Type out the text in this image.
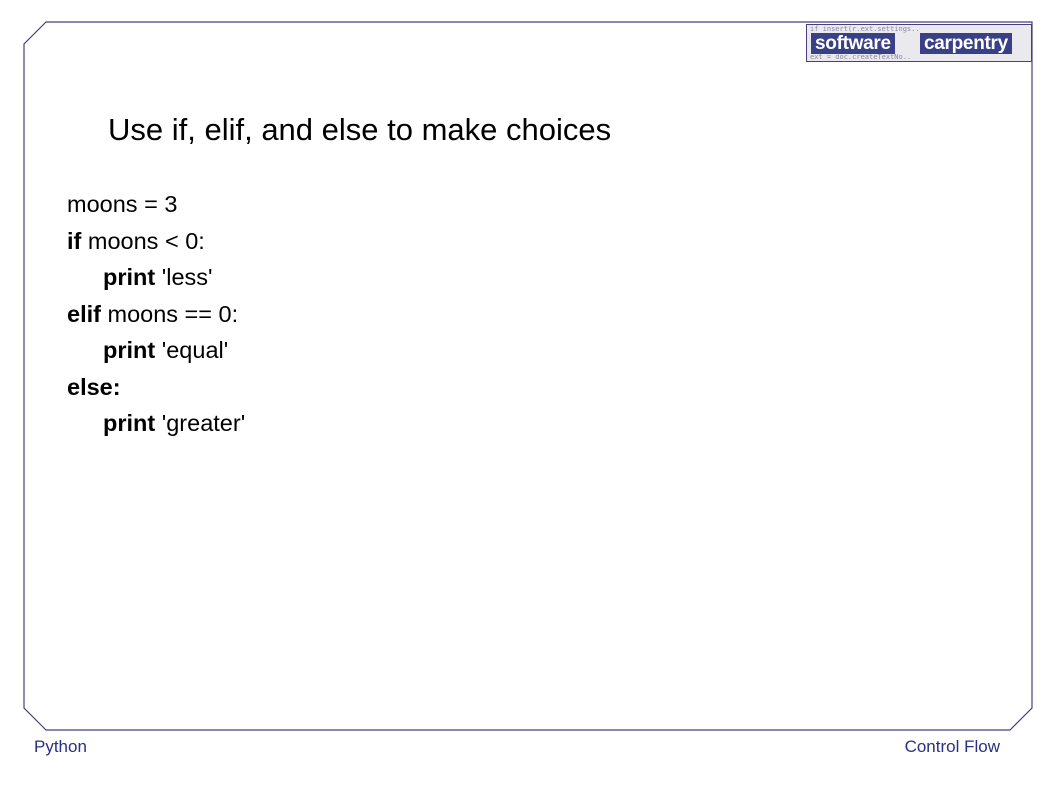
if insert(r.ext.settings..
software carpentry
ext = doc.createTextNo..
Use if, elif, and else to make choices
moons = 3
if moons < 0:
print 'less'
elif moons == 0:
print 'equal'
else:
print 'greater'
Python	Control Flow
